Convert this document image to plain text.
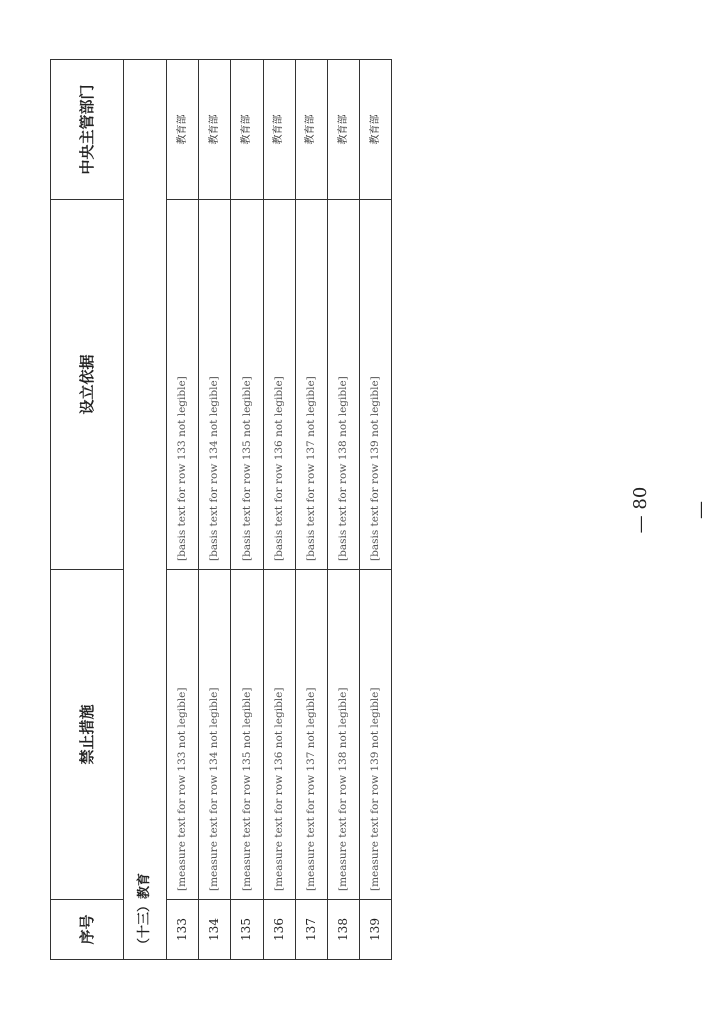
序号	禁止措施	设立依据	中央主管部门
（十三）教育			
133	[measure text for row 133 not legible]	[basis text for row 133 not legible]	教育部

134	[measure text for row 134 not legible]	[basis text for row 134 not legible]	教育部

135	[measure text for row 135 not legible]	[basis text for row 135 not legible]	教育部

136	[measure text for row 136 not legible]	[basis text for row 136 not legible]	教育部

137	[measure text for row 137 not legible]	[basis text for row 137 not legible]	教育部

138	[measure text for row 138 not legible]	[basis text for row 138 not legible]	教育部

139	[measure text for row 139 not legible]	[basis text for row 139 not legible]	教育部
— 80 —
